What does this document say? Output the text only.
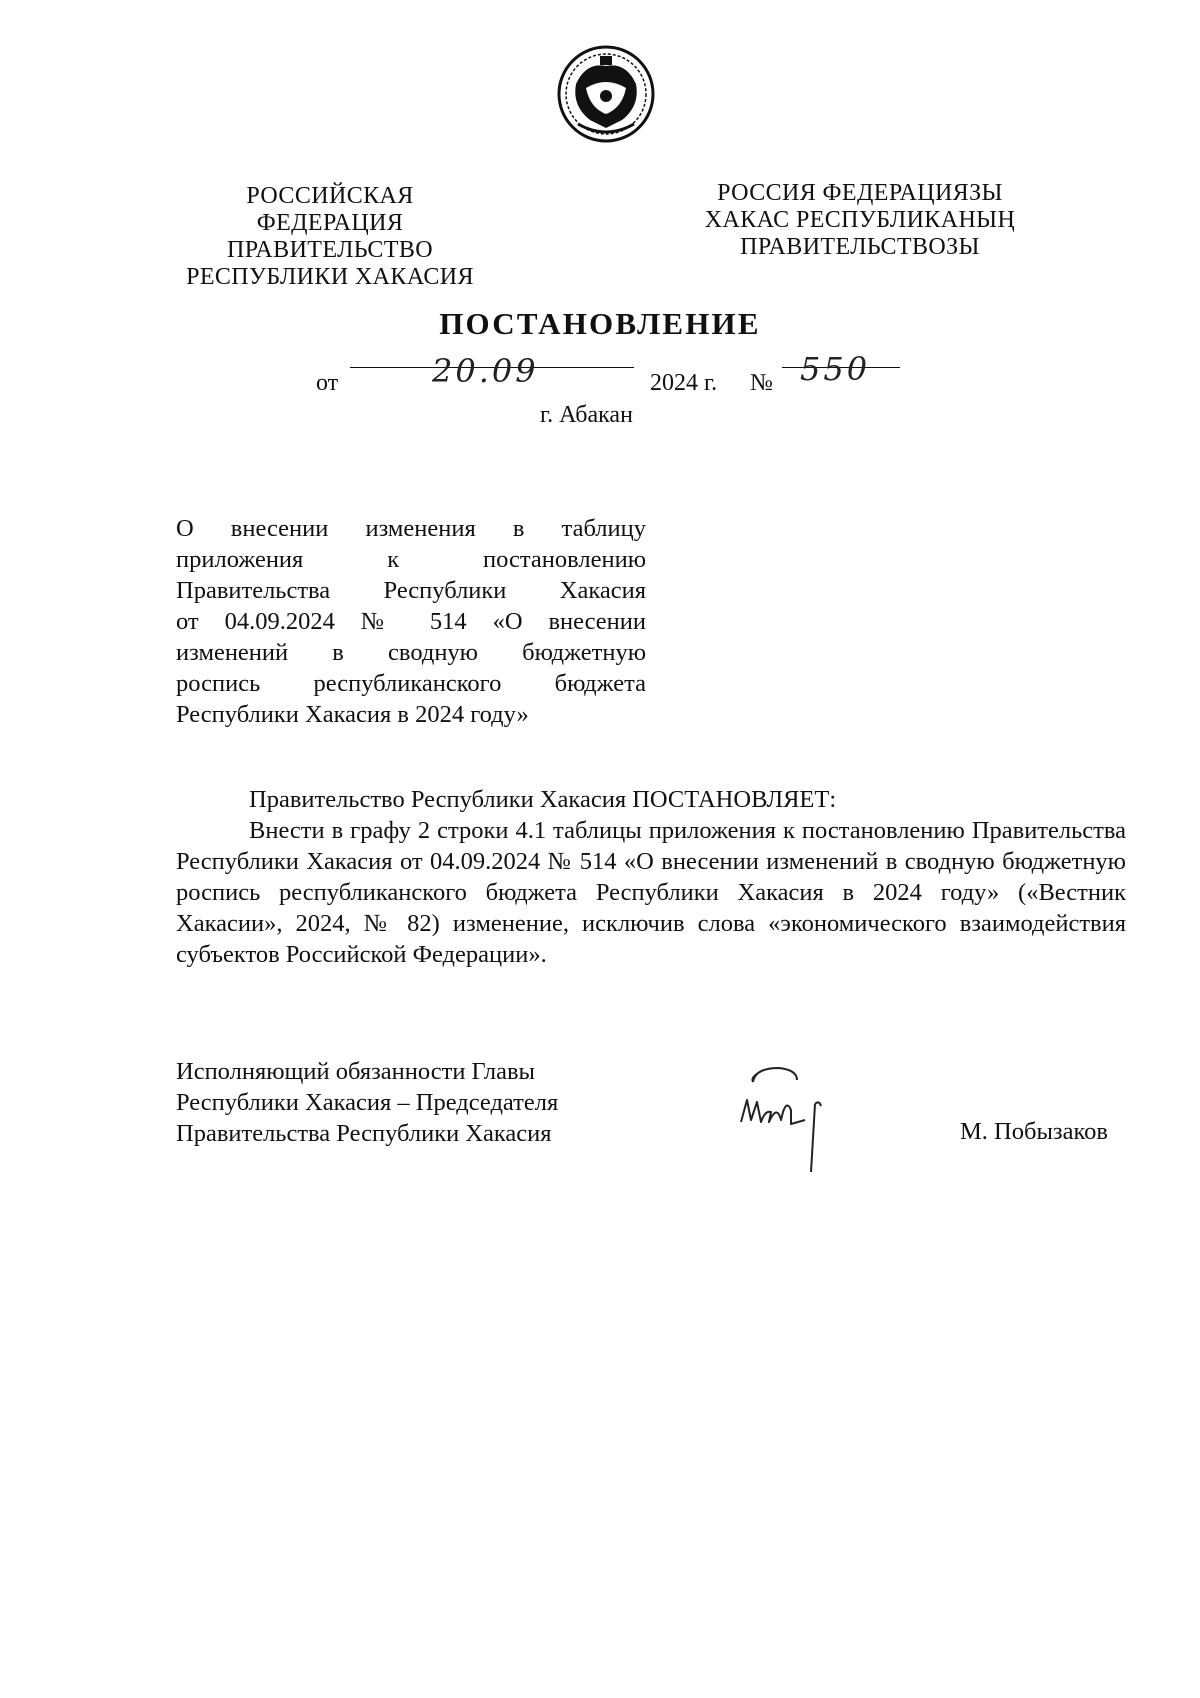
РОССИЙСКАЯ ФЕДЕРАЦИЯ
ПРАВИТЕЛЬСТВО
РЕСПУБЛИКИ ХАКАСИЯ
РОССИЯ ФЕДЕРАЦИЯЗЫ
ХАКАС РЕСПУБЛИКАНЫҢ
ПРАВИТЕЛЬСТВОЗЫ
ПОСТАНОВЛЕНИЕ
от	20.09	2024 г. № 550
г. Абакан
О внесении изменения в таблицу
приложения к постановлению
Правительства Республики Хакасия
от 04.09.2024 № 514 «О внесении
изменений в сводную бюджетную
роспись республиканского бюджета
Республики Хакасия в 2024 году»

Правительство Республики Хакасия ПОСТАНОВЛЯЕТ:

Внести в графу 2 строки 4.1 таблицы приложения к постановлению Правительства Республики Хакасия от 04.09.2024 № 514 «О внесении изменений в сводную бюджетную роспись республиканского бюджета Республики Хакасия в 2024 году» («Вестник Хакасии», 2024, № 82) изменение, исключив слова «экономического взаимодействия субъектов Российской Федерации».

Исполняющий обязанности Главы
Республики Хакасия – Председателя
Правительства Республики Хакасия	М. Побызаков
